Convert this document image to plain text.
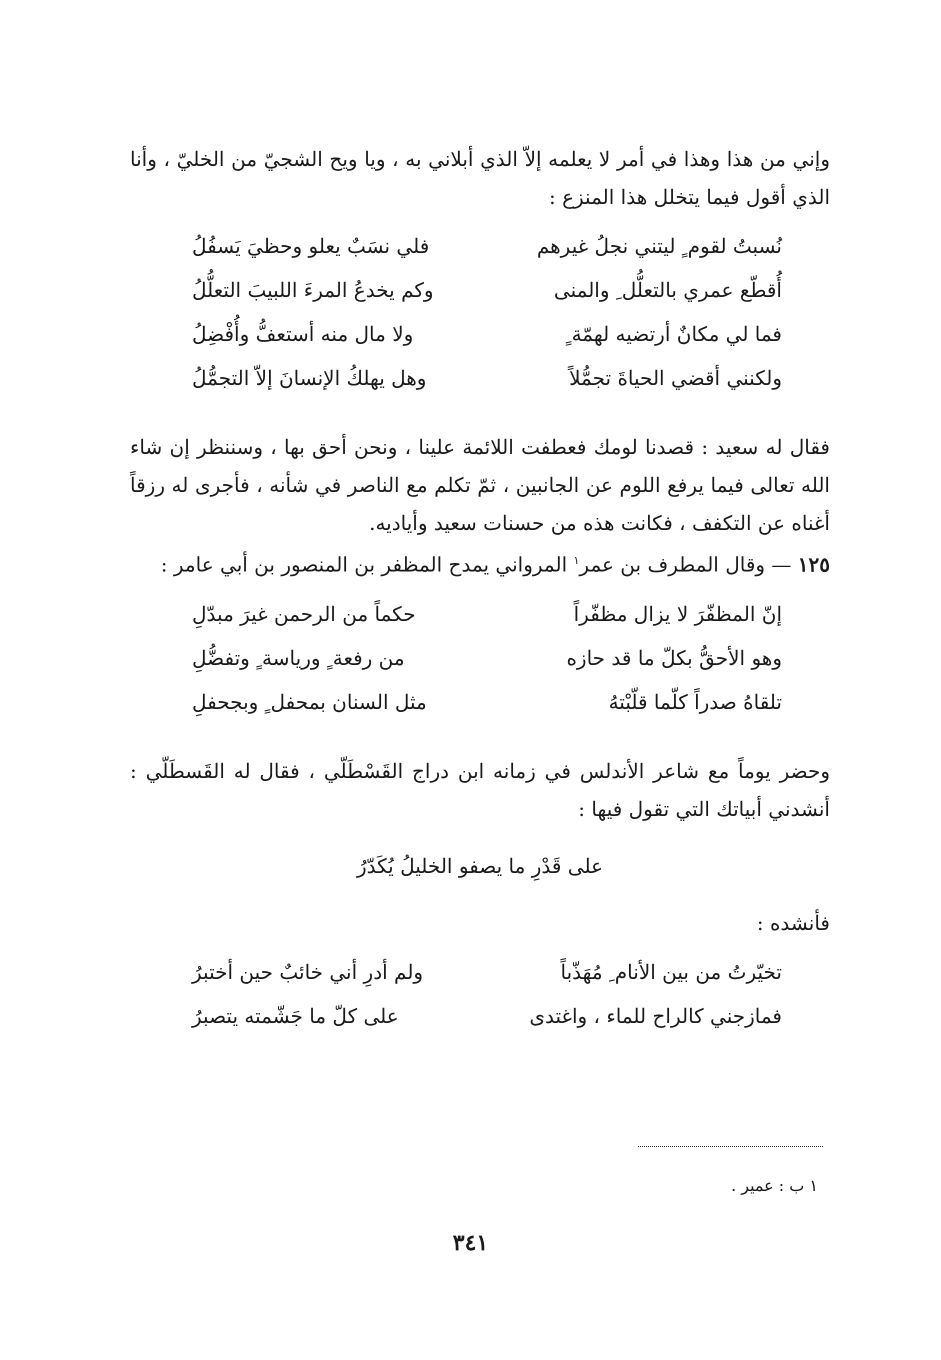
وإني من هذا وهذا في أمر لا يعلمه إلاّ الذي أبلاني به ، ويا ويح الشجيّ من الخليّ ، وأنا الذي أقول فيما يتخلل هذا المنزع :

نُسبتُ لقوم ٍ ليتني نجلُ غيرهم
فلي نسَبٌ يعلو وحظيَ يَسفُلُ
أُقطّع عمري بالتعلُّل ِ والمنى
وكم يخدعُ المرءَ اللبيبَ التعلُّلُ
فما لي مكانٌ أرتضيه لهمّة ٍ
ولا مال منه أستعفُّ وأُفْضِلُ
ولكنني أقضي الحياةَ تجمُّلاً
وهل يهلكُ الإنسانَ إلاّ التجمُّلُ

فقال له سعيد : قصدنا لومك فعطفت اللائمة علينا ، ونحن أحق بها ، وسننظر إن شاء الله تعالى فيما يرفع اللوم عن الجانبين ، ثمّ تكلم مع الناصر في شأنه ، فأجرى له رزقاً أغناه عن التكفف ، فكانت هذه من حسنات سعيد وأياديه.

١٢٥ — وقال المطرف بن عمر$^١$ المرواني يمدح المظفر بن المنصور بن أبي عامر :

إنّ المظفّرَ لا يزال مظفّراً
حكماً من الرحمن غيرَ مبدّلِ
وهو الأحقُّ بكلّ ما قد حازه
من رفعة ٍ ورياسة ٍ وتفضُّلِ
تلقاهُ صدراً كلّما قلّبْتهُ
مثل السنان بمحفل ٍ وبجحفلِ

وحضر يوماً مع شاعر الأندلس في زمانه ابن دراج القَسْطَلّي ، فقال له القَسطَلّي : أنشدني أبياتك التي تقول فيها :

على قَدْرِ ما يصفو الخليلُ يُكَدّرُ

فأنشده :

تخيّرتُ من بين الأنام ِ مُهَذّباً
ولم أدرِ أني خائبٌ حين أختبرُ
فمازجني كالراح للماء ، واغتدى
على كلّ ما جَشّمته يتصبرُ
١ ب : عمير .
٣٤١
